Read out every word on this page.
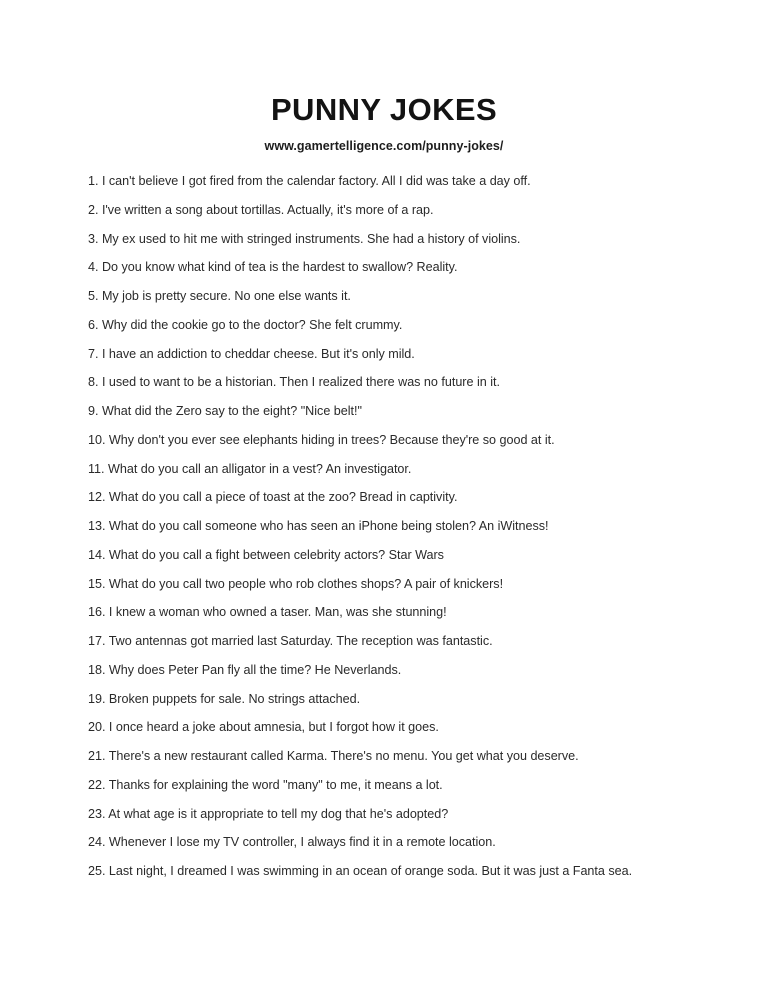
PUNNY JOKES
www.gamertelligence.com/punny-jokes/
1. I can't believe I got fired from the calendar factory. All I did was take a day off.
2. I've written a song about tortillas. Actually, it's more of a rap.
3. My ex used to hit me with stringed instruments. She had a history of violins.
4. Do you know what kind of tea is the hardest to swallow? Reality.
5. My job is pretty secure. No one else wants it.
6. Why did the cookie go to the doctor? She felt crummy.
7. I have an addiction to cheddar cheese. But it's only mild.
8. I used to want to be a historian. Then I realized there was no future in it.
9. What did the Zero say to the eight? "Nice belt!"
10. Why don't you ever see elephants hiding in trees? Because they're so good at it.
11. What do you call an alligator in a vest? An investigator.
12. What do you call a piece of toast at the zoo? Bread in captivity.
13. What do you call someone who has seen an iPhone being stolen? An iWitness!
14. What do you call a fight between celebrity actors? Star Wars
15. What do you call two people who rob clothes shops? A pair of knickers!
16. I knew a woman who owned a taser. Man, was she stunning!
17. Two antennas got married last Saturday. The reception was fantastic.
18. Why does Peter Pan fly all the time? He Neverlands.
19. Broken puppets for sale. No strings attached.
20. I once heard a joke about amnesia, but I forgot how it goes.
21. There's a new restaurant called Karma. There's no menu. You get what you deserve.
22. Thanks for explaining the word "many" to me, it means a lot.
23. At what age is it appropriate to tell my dog that he's adopted?
24. Whenever I lose my TV controller, I always find it in a remote location.
25. Last night, I dreamed I was swimming in an ocean of orange soda. But it was just a Fanta sea.
